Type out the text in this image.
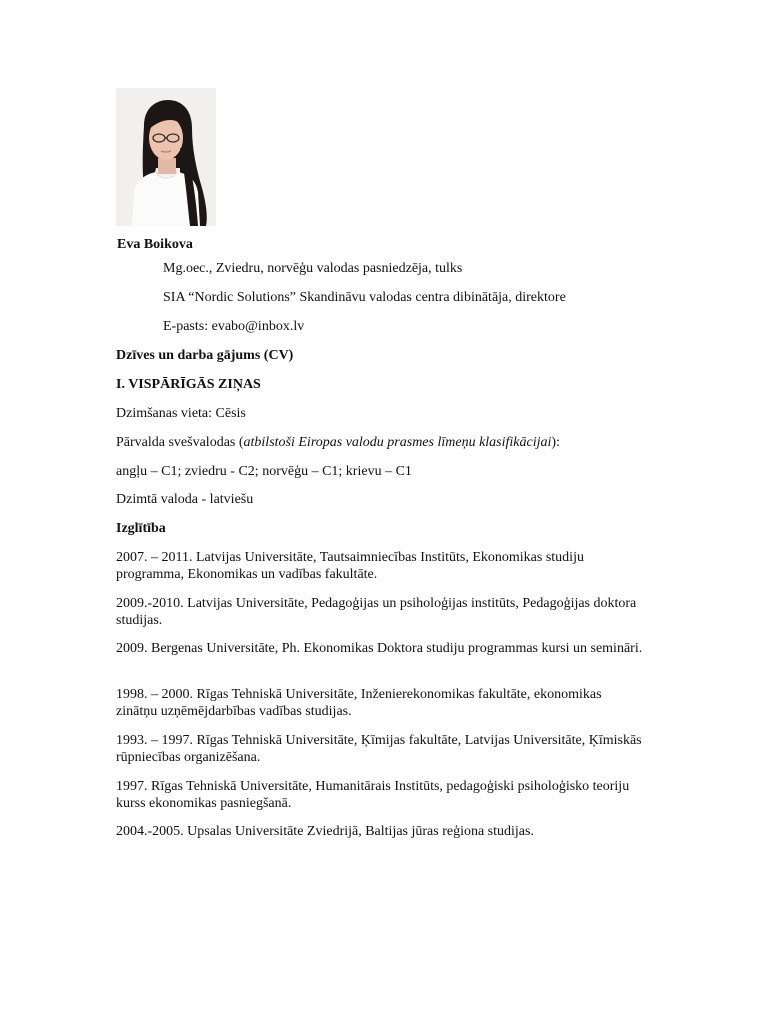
Eva Boikova
Mg.oec., Zviedru, norvēģu valodas pasniedzēja, tulks
SIA “Nordic Solutions” Skandināvu valodas centra dibinātāja, direktore
E-pasts: evabo@inbox.lv
Dzīves un darba gājums (CV)
I. VISPĀRĪGĀS ZIŅAS
Dzimšanas vieta: Cēsis
Pārvalda svešvalodas (atbilstoši Eiropas valodu prasmes līmeņu klasifikācijai):
angļu – C1; zviedru - C2; norvēģu – C1; krievu – C1
Dzimtā valoda - latviešu
Izglītība
2007. – 2011. Latvijas Universitāte, Tautsaimniecības Institūts, Ekonomikas studiju programma, Ekonomikas un vadības fakultāte.
2009.-2010. Latvijas Universitāte, Pedagoģijas un psiholoģijas institūts, Pedagoģijas doktora studijas.
2009. Bergenas Universitāte, Ph. Ekonomikas Doktora studiju programmas kursi un semināri.
1998. – 2000. Rīgas Tehniskā Universitāte, Inženierekonomikas fakultāte, ekonomikas zinātņu uzņēmējdarbības vadības studijas.
1993. – 1997. Rīgas Tehniskā Universitāte, Ķīmijas fakultāte, Latvijas Universitāte, Ķīmiskās rūpniecības organizēšana.
1997. Rīgas Tehniskā Universitāte, Humanitārais Institūts, pedagoģiski psiholoģisko teoriju kurss ekonomikas pasniegšanā.
2004.-2005. Upsalas Universitāte Zviedrijā, Baltijas jūras reģiona studijas.
